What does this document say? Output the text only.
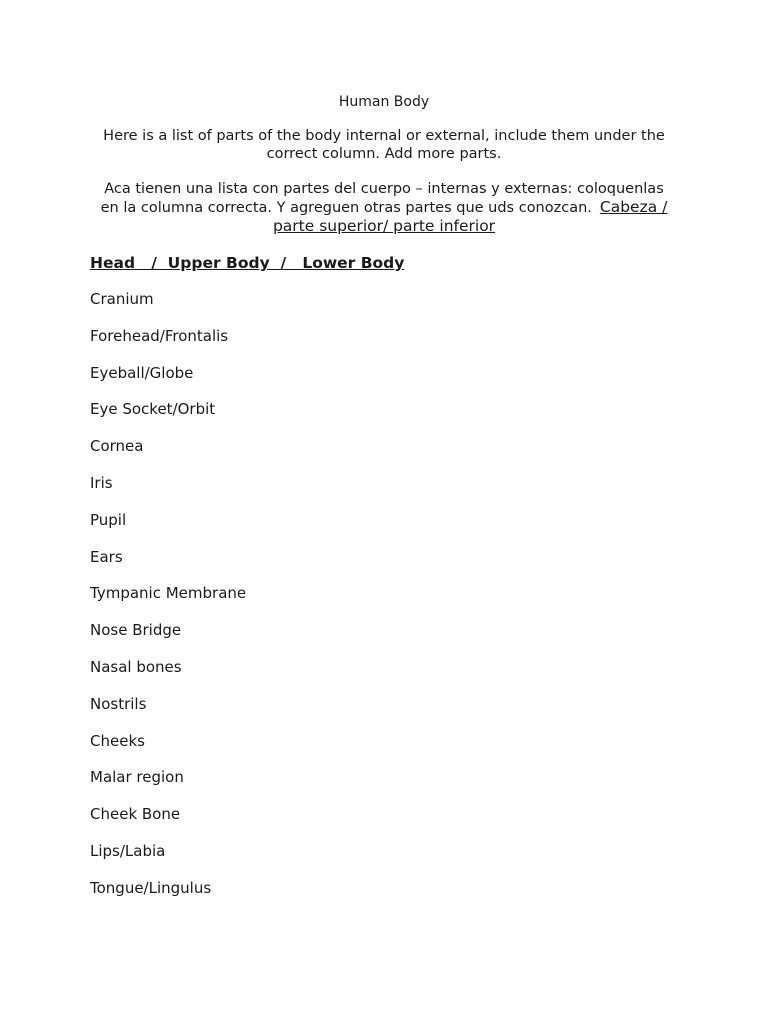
Human Body
Here is a list of parts of the body internal or external, include them under the correct column. Add more parts.
Aca tienen una lista con partes del cuerpo – internas y externas: coloquenlas en la columna correcta. Y agreguen otras partes que uds conozcan. Cabeza / parte superior/ parte inferior
Head   /  Upper Body  /   Lower Body
Cranium
Forehead/Frontalis
Eyeball/Globe
Eye Socket/Orbit
Cornea
Iris
Pupil
Ears
Tympanic Membrane
Nose Bridge
Nasal bones
Nostrils
Cheeks
Malar region
Cheek Bone
Lips/Labia
Tongue/Lingulus
